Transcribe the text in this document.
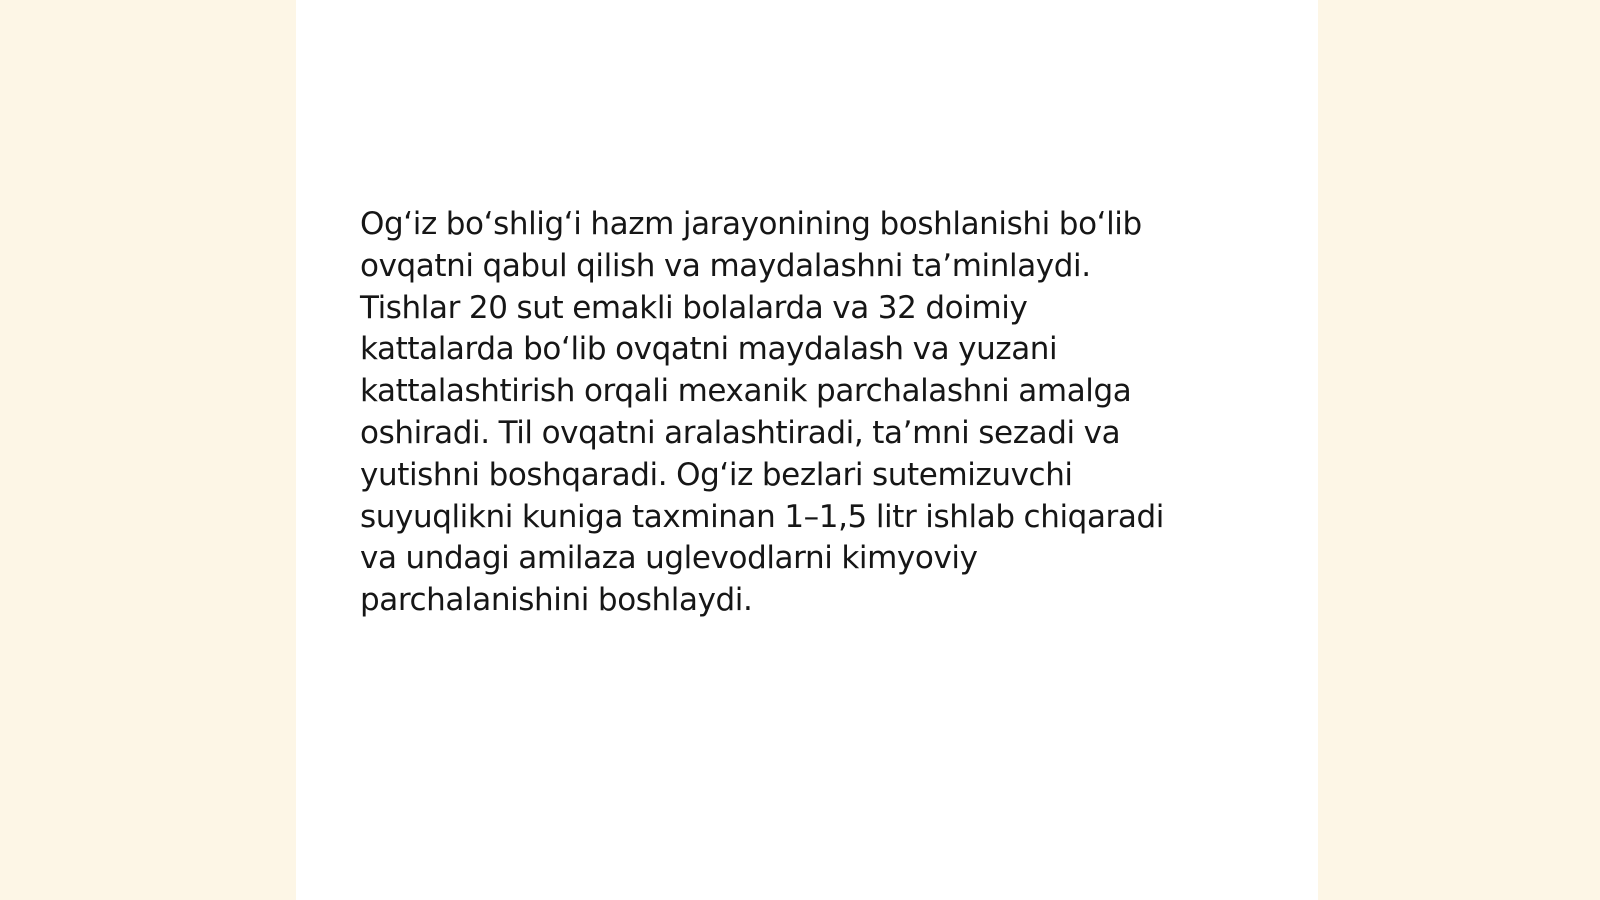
Og‘iz bo‘shlig‘i hazm jarayonining boshlanishi bo‘lib
ovqatni qabul qilish va maydalashni ta’minlaydi.
Tishlar 20 sut emakli bolalarda va 32 doimiy
kattalarda bo‘lib ovqatni maydalash va yuzani
kattalashtirish orqali mexanik parchalashni amalga
oshiradi. Til ovqatni aralashtiradi, ta’mni sezadi va
yutishni boshqaradi. Og‘iz bezlari sutemizuvchi
suyuqlikni kuniga taxminan 1–1,5 litr ishlab chiqaradi
va undagi amilaza uglevodlarni kimyoviy
parchalanishini boshlaydi.
